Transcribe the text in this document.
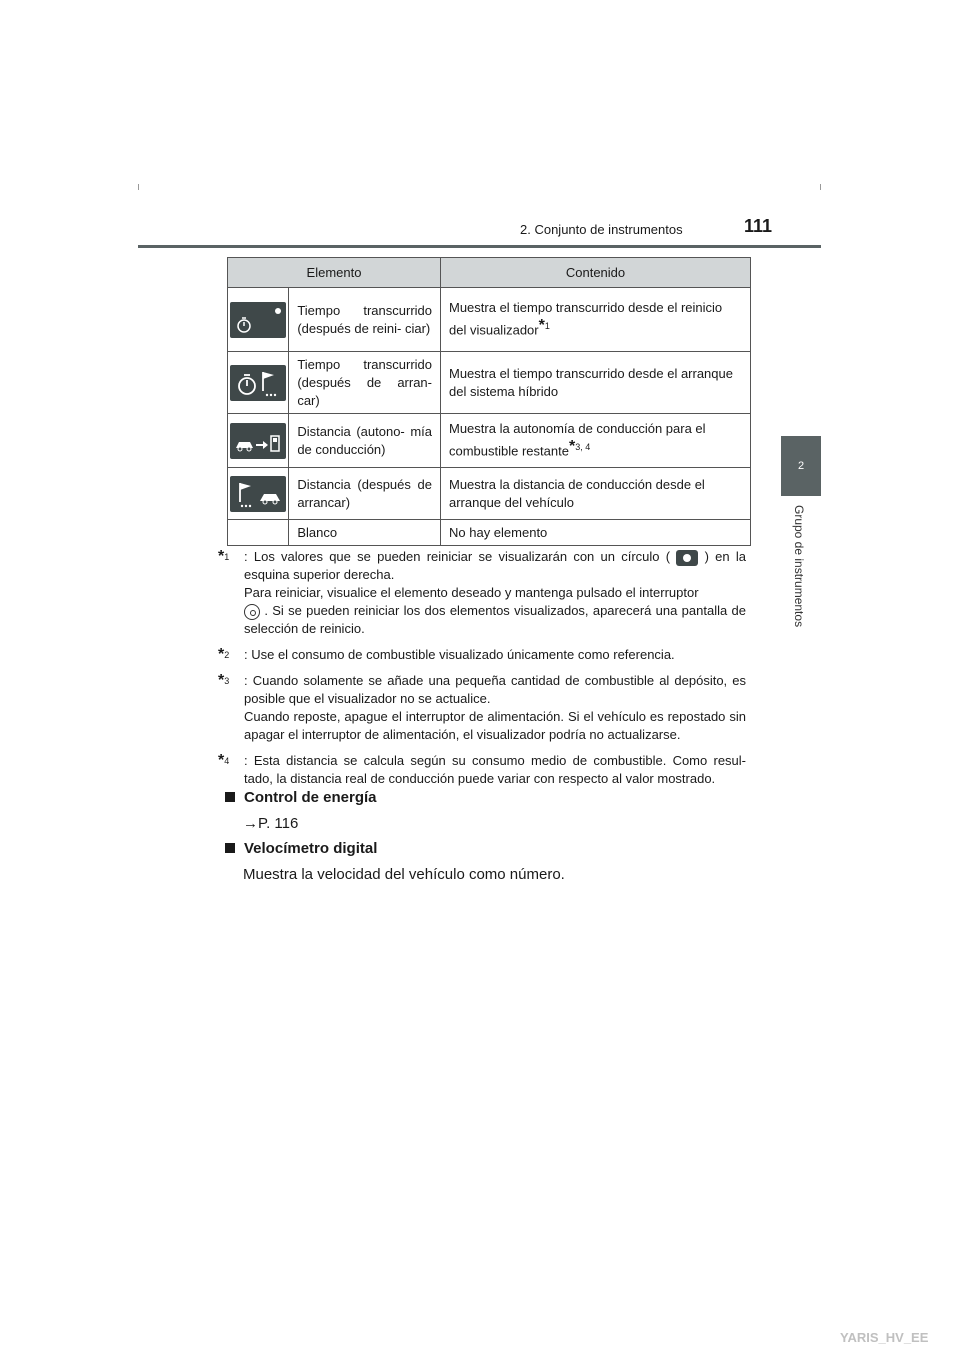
2. Conjunto de instrumentos	111
2
Grupo de instrumentos
Elemento		Contenido

	Tiempo transcurrido (después de reini- ciar)	Muestra el tiempo transcurrido desde el reinicio del visualizador*$^1$

	Tiempo transcurrido (después de arran- car)	Muestra el tiempo transcurrido desde el arranque del sistema híbrido

	Distancia (autono- mía de conducción)	Muestra la autonomía de conducción para el combustible restante*$^{3, 4}$

	Distancia (después de arrancar)	Muestra la distancia de conducción desde el arranque del vehículo
	Blanco	No hay elemento
*$^1$ : Los valores que se pueden reiniciar se visualizarán con un círculo (	) en la esquina superior derecha.
Para reiniciar, visualice el elemento deseado y mantenga pulsado el interruptor
. Si se pueden reiniciar los dos elementos visualizados, aparecerá una pantalla de selección de reinicio.
*$^2$ : Use el consumo de combustible visualizado únicamente como referencia.
*$^3$ : Cuando solamente se añade una pequeña cantidad de combustible al depósito, es posible que el visualizador no se actualice.
Cuando reposte, apague el interruptor de alimentación. Si el vehículo es repostado sin apagar el interruptor de alimentación, el visualizador podría no actualizarse.
*$^4$ : Esta distancia se calcula según su consumo medio de combustible. Como resul- tado, la distancia real de conducción puede variar con respecto al valor mostrado.
Control de energía
→P. 116
Velocímetro digital
Muestra la velocidad del vehículo como número.
YARIS_HV_EE
